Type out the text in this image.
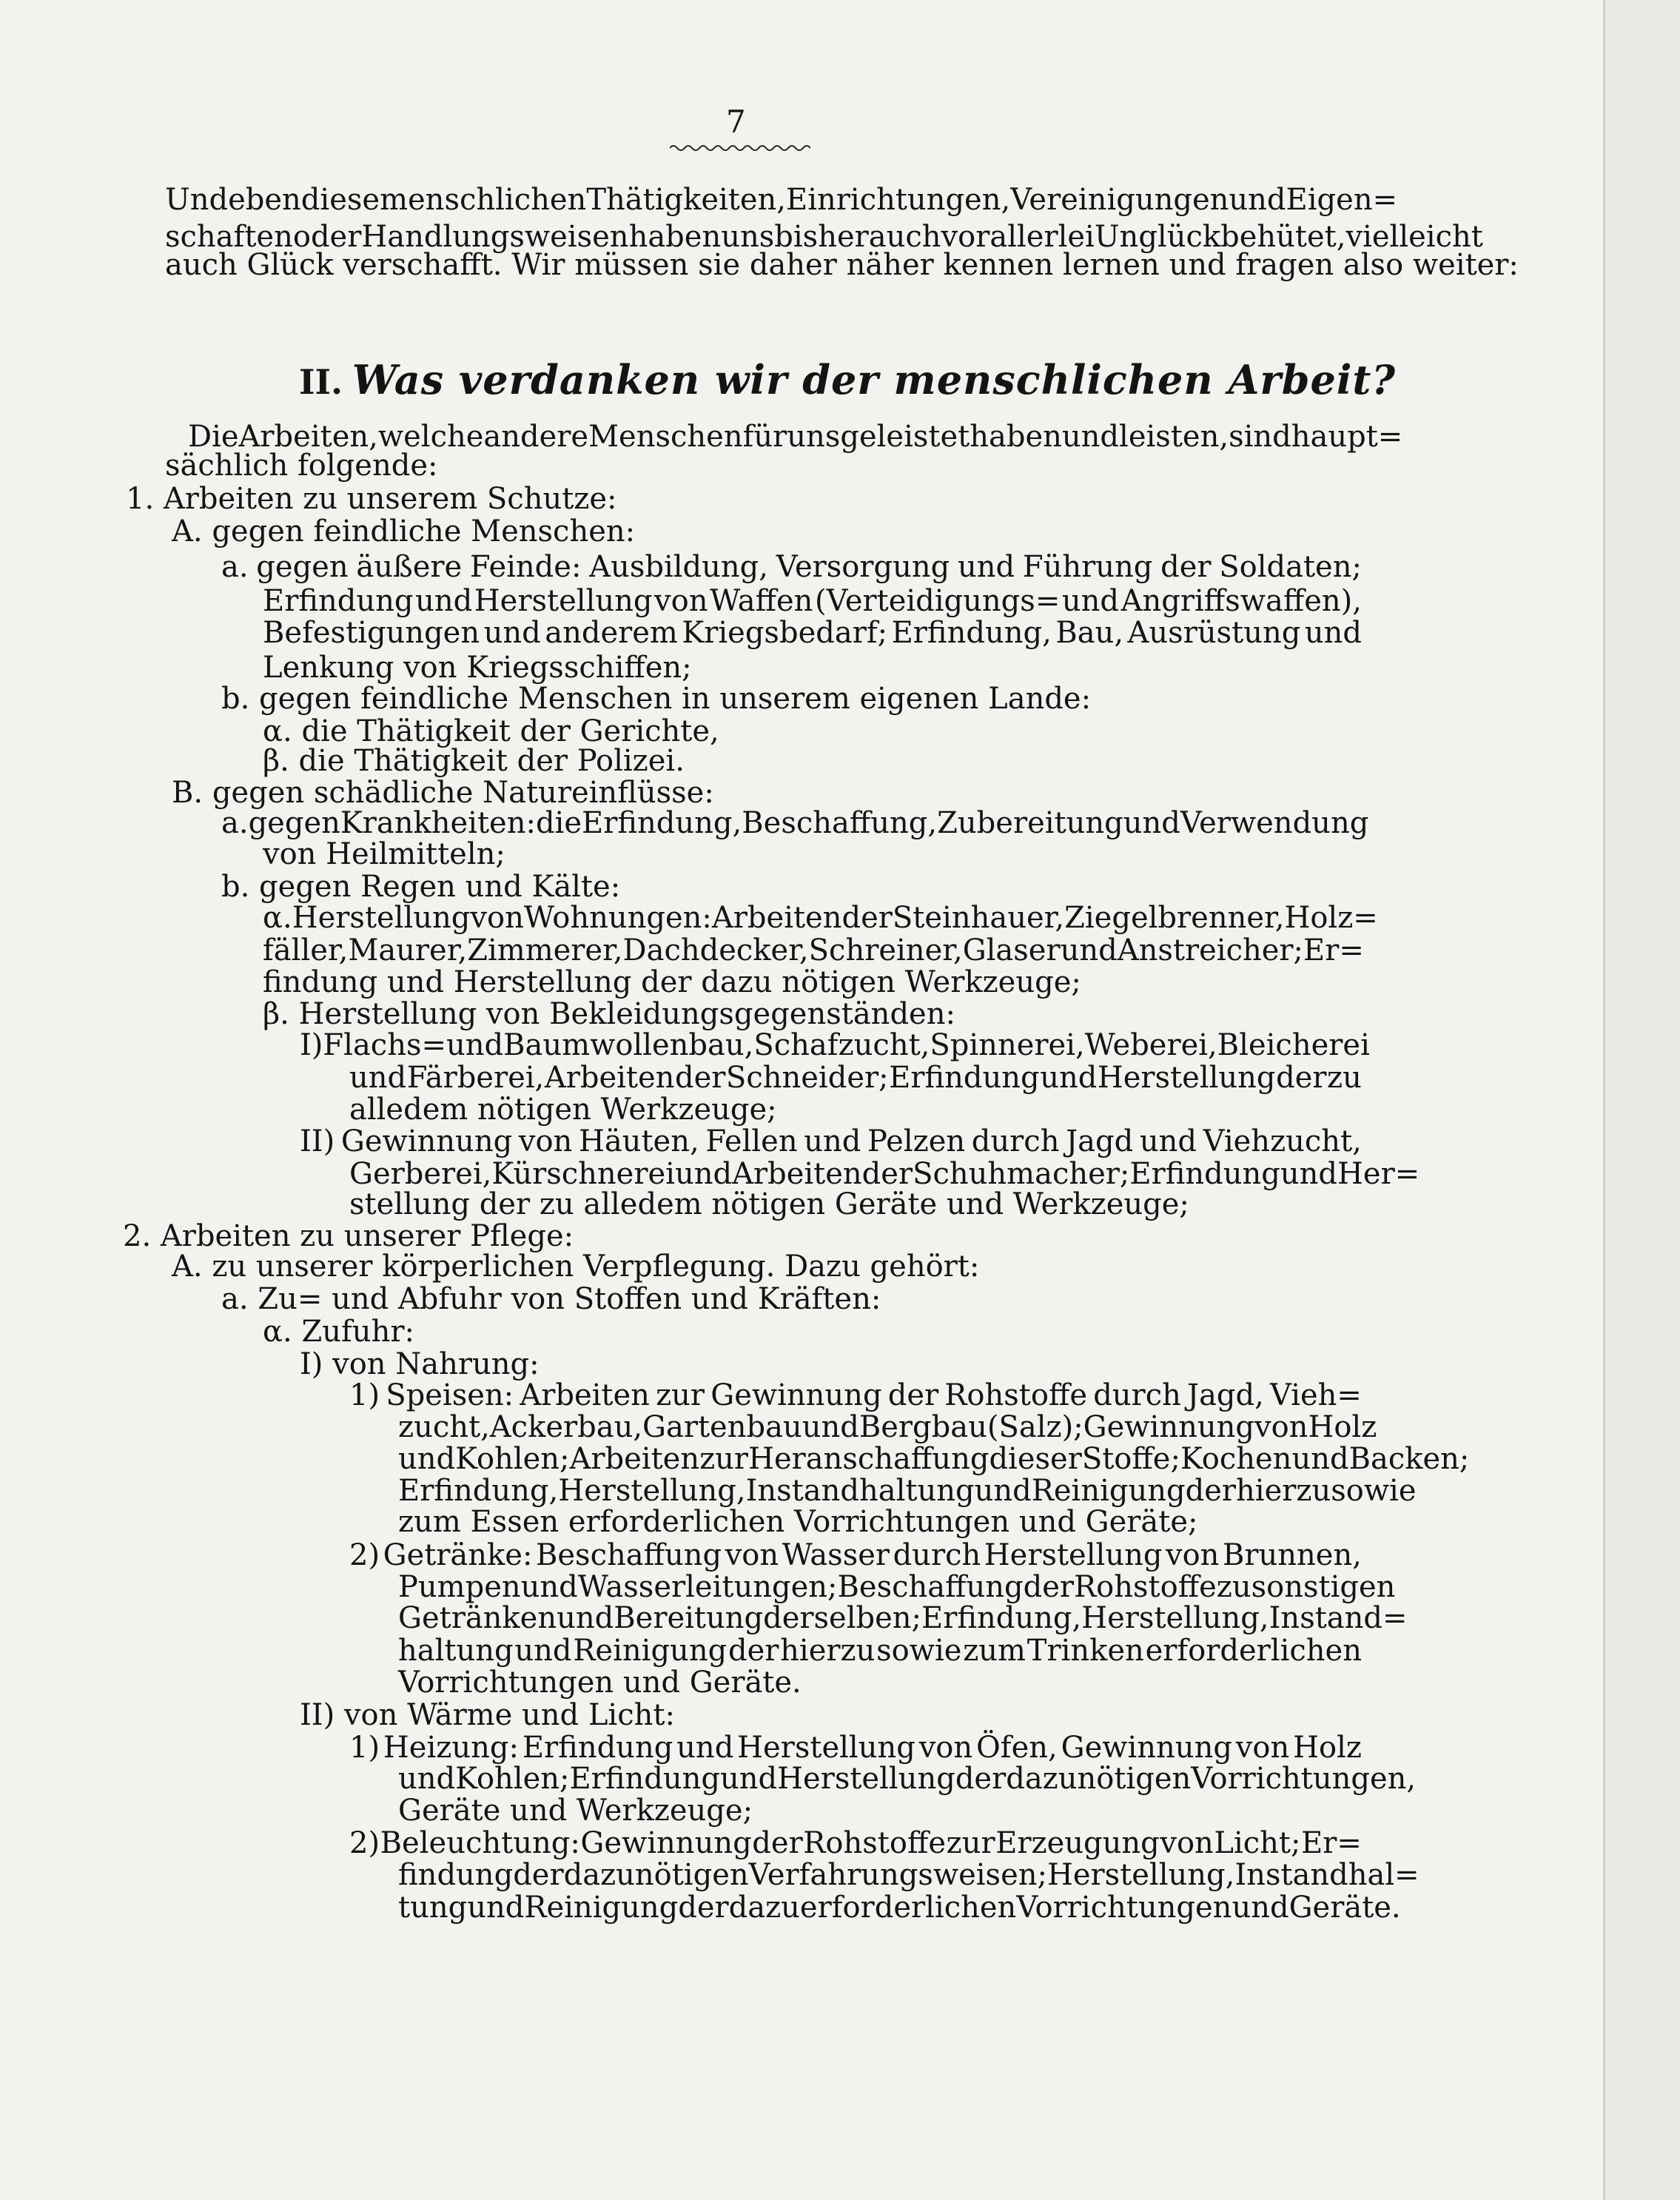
7
Und eben diese menschlichen Thätigkeiten, Einrichtungen, Vereinigungen und Eigen=
schaften oder Handlungsweisen haben uns bisher auch vor allerlei Unglück behütet, vielleicht
auch Glück verschafft. Wir müssen sie daher näher kennen lernen und fragen also weiter:
II. Was verdanken wir der menschlichen Arbeit?
Die Arbeiten, welche andere Menschen für uns geleistet haben und leisten, sind haupt=
sächlich folgende:
1. Arbeiten zu unserem Schutze:
A. gegen feindliche Menschen:
a. gegen äußere Feinde: Ausbildung, Versorgung und Führung der Soldaten;
Erfindung und Herstellung von Waffen (Verteidigungs= und Angriffswaffen),
Befestigungen und anderem Kriegsbedarf; Erfindung, Bau, Ausrüstung und
Lenkung von Kriegsschiffen;
b. gegen feindliche Menschen in unserem eigenen Lande:
α. die Thätigkeit der Gerichte,
β. die Thätigkeit der Polizei.
B. gegen schädliche Natureinflüsse:
a. gegen Krankheiten: die Erfindung, Beschaffung, Zubereitung und Verwendung
von Heilmitteln;
b. gegen Regen und Kälte:
α. Herstellung von Wohnungen: Arbeiten der Steinhauer, Ziegelbrenner, Holz=
fäller, Maurer, Zimmerer, Dachdecker, Schreiner, Glaser und Anstreicher; Er=
findung und Herstellung der dazu nötigen Werkzeuge;
β. Herstellung von Bekleidungsgegenständen:
I) Flachs= und Baumwollenbau, Schafzucht, Spinnerei, Weberei, Bleicherei
und Färberei, Arbeiten der Schneider; Erfindung und Herstellung der zu
alledem nötigen Werkzeuge;
II) Gewinnung von Häuten, Fellen und Pelzen durch Jagd und Viehzucht,
Gerberei, Kürschnerei und Arbeiten der Schuhmacher; Erfindung und Her=
stellung der zu alledem nötigen Geräte und Werkzeuge;
2. Arbeiten zu unserer Pflege:
A. zu unserer körperlichen Verpflegung. Dazu gehört:
a. Zu= und Abfuhr von Stoffen und Kräften:
α. Zufuhr:
I) von Nahrung:
1) Speisen: Arbeiten zur Gewinnung der Rohstoffe durch Jagd, Vieh=
zucht, Ackerbau, Gartenbau und Bergbau (Salz); Gewinnung von Holz
und Kohlen; Arbeiten zur Heranschaffung dieser Stoffe; Kochen und Backen;
Erfindung, Herstellung, Instandhaltung und Reinigung der hierzu sowie
zum Essen erforderlichen Vorrichtungen und Geräte;
2) Getränke: Beschaffung von Wasser durch Herstellung von Brunnen,
Pumpen und Wasserleitungen; Beschaffung der Rohstoffe zu sonstigen
Getränken und Bereitung derselben; Erfindung, Herstellung, Instand=
haltung und Reinigung der hierzu sowie zum Trinken erforderlichen
Vorrichtungen und Geräte.
II) von Wärme und Licht:
1) Heizung: Erfindung und Herstellung von Öfen, Gewinnung von Holz
und Kohlen; Erfindung und Herstellung der dazu nötigen Vorrichtungen,
Geräte und Werkzeuge;
2) Beleuchtung: Gewinnung der Rohstoffe zur Erzeugung von Licht; Er=
findung der dazu nötigen Verfahrungsweisen; Herstellung, Instandhal=
tung und Reinigung der dazu erforderlichen Vorrichtungen und Geräte.
